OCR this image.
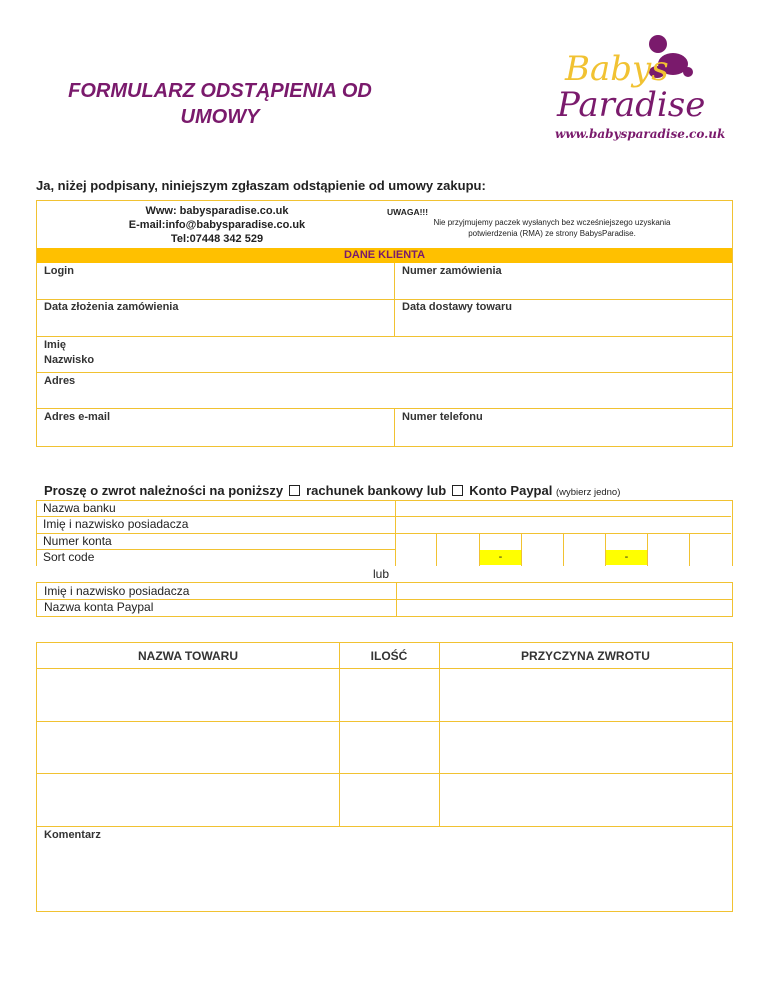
FORMULARZ ODSTĄPIENIA OD
UMOWY
Babys
Paradise
www.babysparadise.co.uk
Ja, niżej podpisany, niniejszym zgłaszam odstąpienie od umowy zakupu:
Www: babysparadise.co.uk
E-mail:info@babysparadise.co.uk
Tel:07448 342 529
UWAGA!!!
Nie przyjmujemy paczek wysłanych bez wcześniejszego uzyskania
potwierdzenia (RMA) ze strony BabysParadise.
DANE KLIENTA
Login	Numer zamówienia
Data złożenia zamówienia	Data dostawy towaru
Imię
Nazwisko
Adres
Adres e-mail	Numer telefonu
Proszę o zwrot należności na poniższy rachunek bankowy lub Konto Paypal (wybierz jedno)
Nazwa banku
Imię i nazwisko posiadacza
Numer konta
Sort code	-	-
lub
Imię i nazwisko posiadacza
Nazwa konta Paypal
NAZWA TOWARU	ILOŚĆ	PRZYCZYNA ZWROTU
Komentarz
